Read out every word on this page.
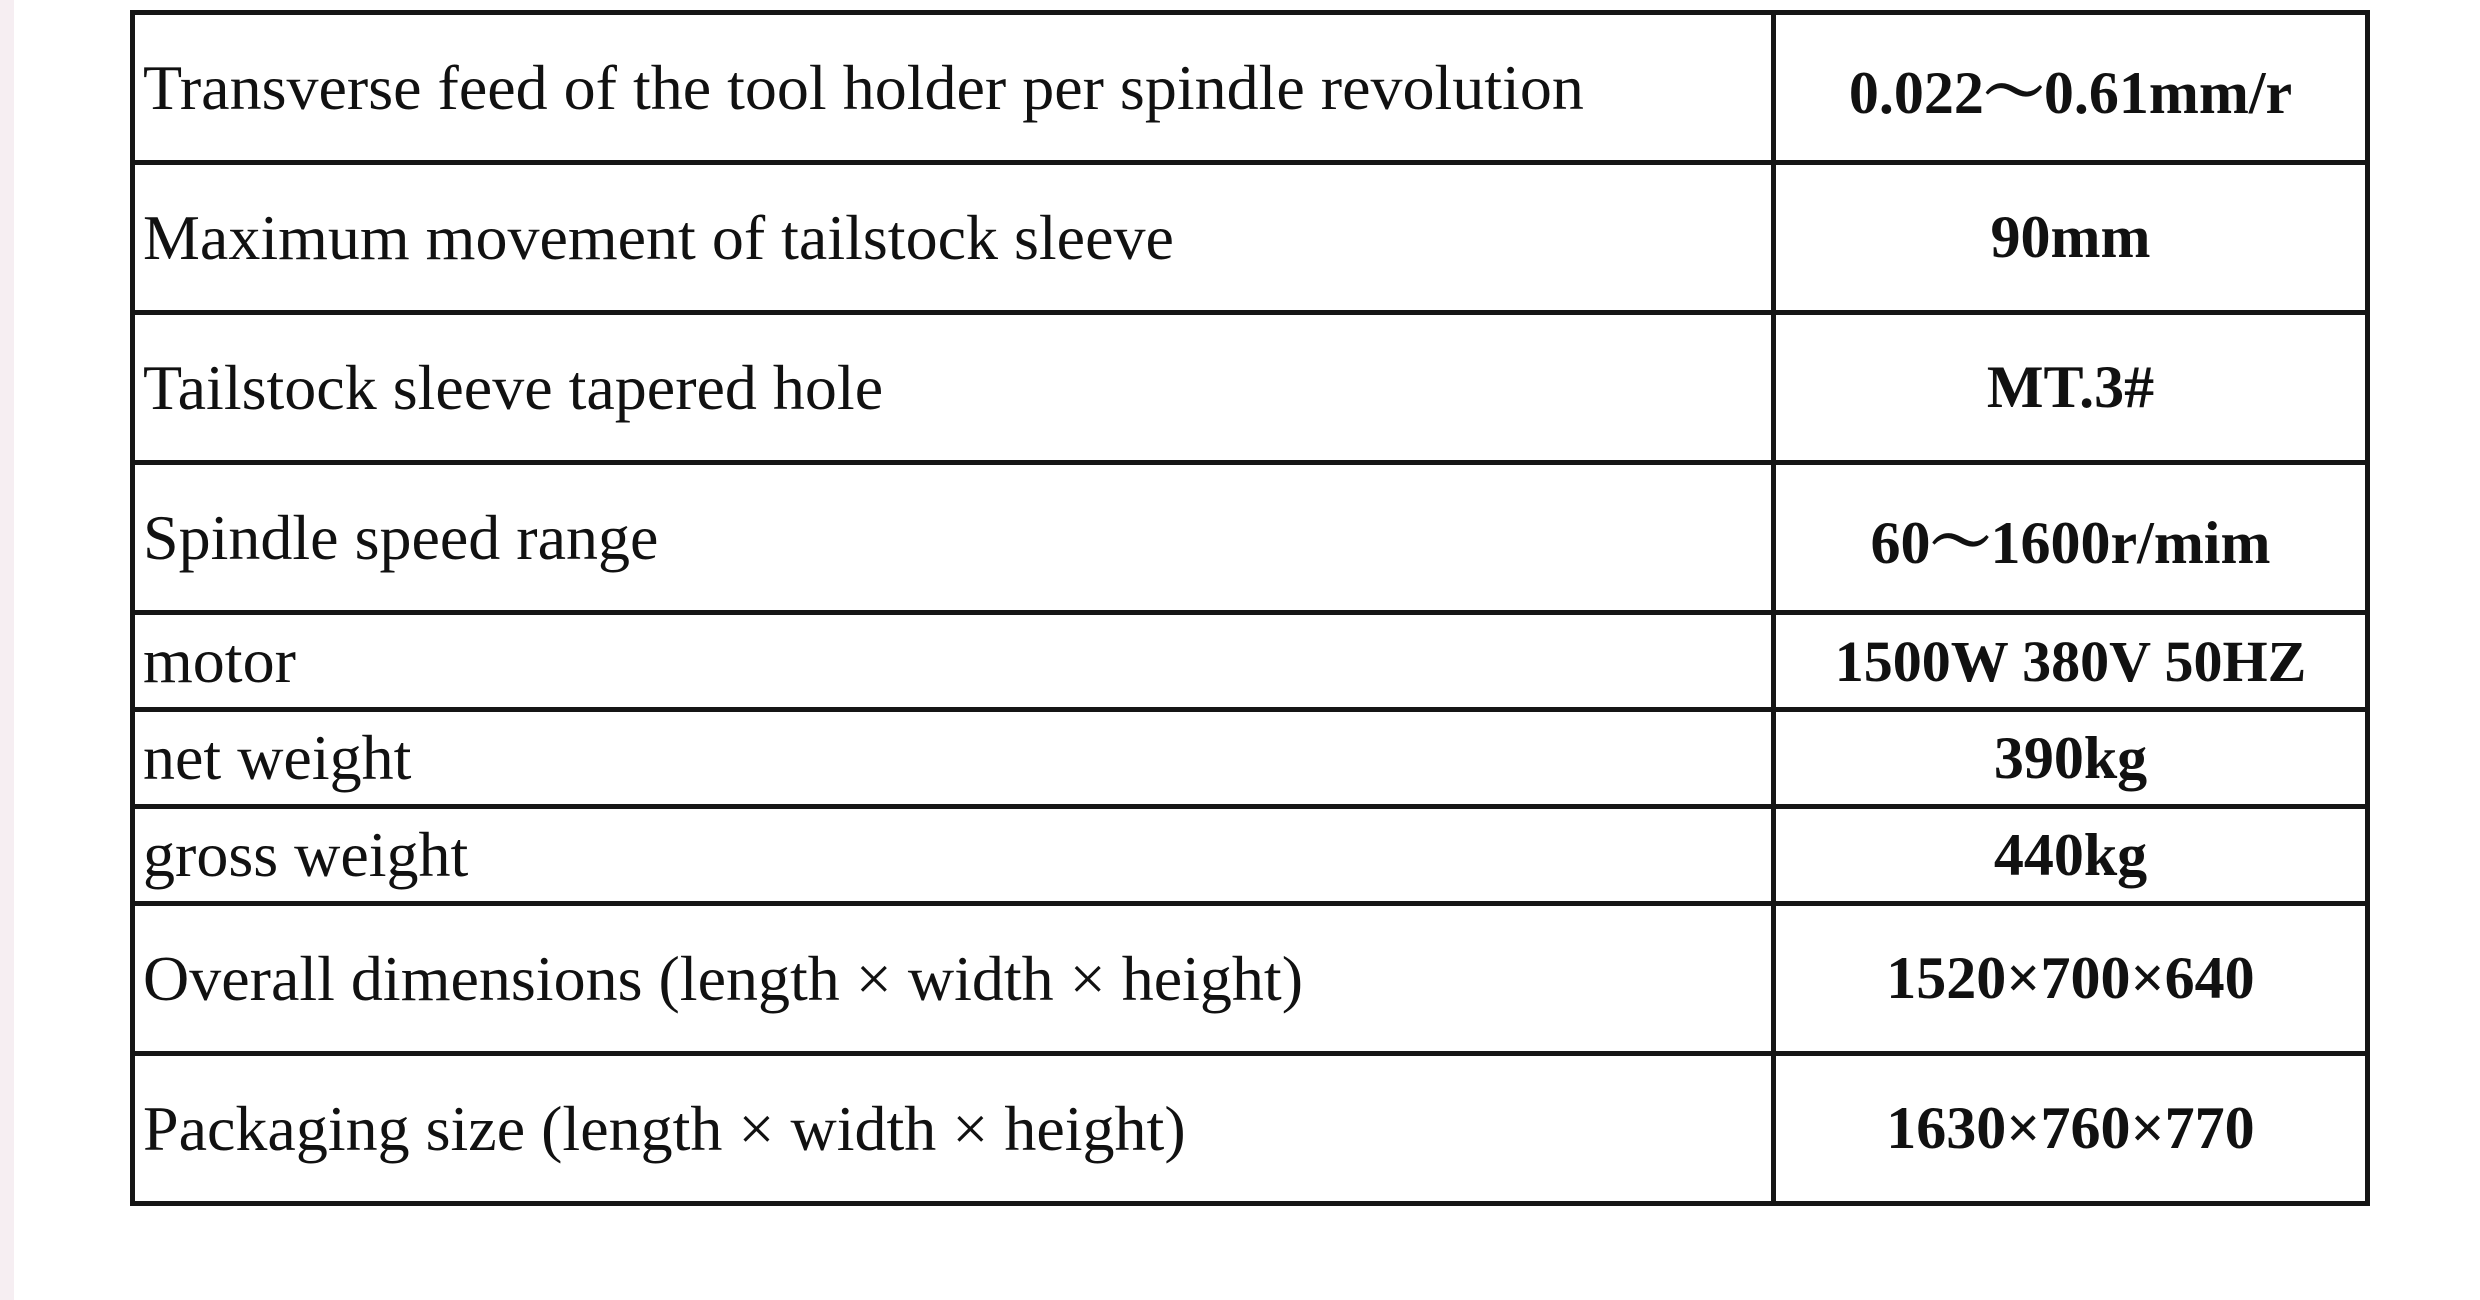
Transverse feed of the tool holder per spindle revolution	0.022～0.61mm/r
Maximum movement of tailstock sleeve	90mm
Tailstock sleeve tapered hole	MT.3#
Spindle speed range	60～1600r/mim
motor	1500W 380V 50HZ
net weight	390kg
gross weight	440kg
Overall dimensions (length × width × height)	1520×700×640
Packaging size (length × width × height)	1630×760×770
